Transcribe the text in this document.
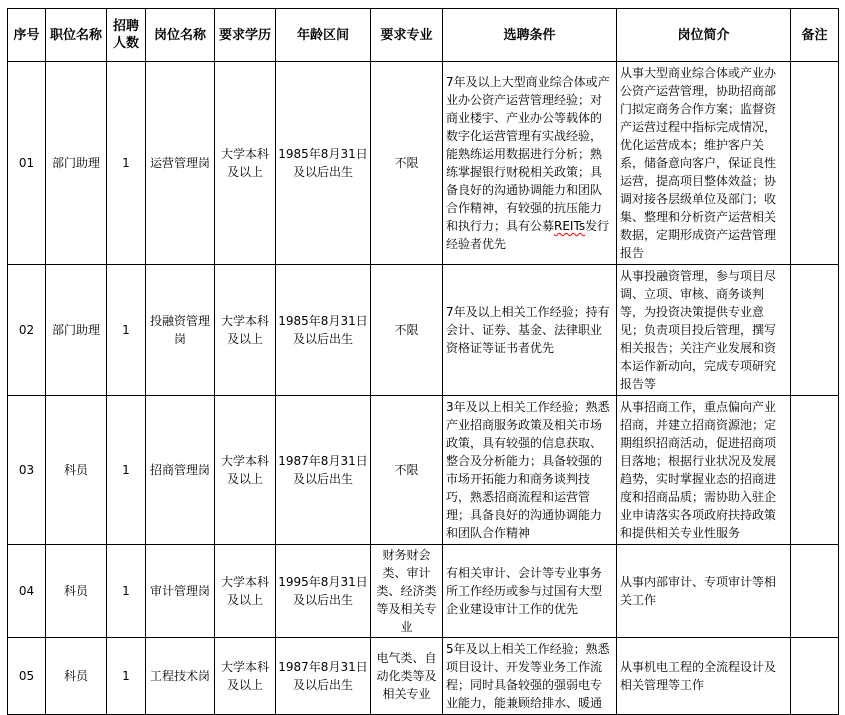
序号	职位名称	招聘人数	岗位名称	要求学历	年龄区间	要求专业	选聘条件	岗位简介	备注
01	部门助理	1	运营管理岗	大学本科及以上	1985年8月31日及以后出生	不限	7年及以上大型商业综合体或产业办公资产运营管理经验；对商业楼宇、产业办公等载体的数字化运营管理有实战经验，能熟练运用数据进行分析；熟练掌握银行财税相关政策；具备良好的沟通协调能力和团队合作精神，有较强的抗压能力和执行力；具有公募REITs发行经验者优先	从事大型商业综合体或产业办公资产运营管理，协助招商部门拟定商务合作方案；监督资产运营过程中指标完成情况，优化运营成本；维护客户关系，储备意向客户，保证良性运营，提高项目整体效益；协调对接各层级单位及部门；收集、整理和分析资产运营相关数据，定期形成资产运营管理报告	
02	部门助理	1	投融资管理岗	大学本科及以上	1985年8月31日及以后出生	不限	7年及以上相关工作经验；持有会计、证券、基金、法律职业资格证等证书者优先	从事投融资管理，参与项目尽调、立项、审核、商务谈判等，为投资决策提供专业意见；负责项目投后管理，撰写相关报告；关注产业发展和资本运作新动向，完成专项研究报告等	
03	科员	1	招商管理岗	大学本科及以上	1987年8月31日及以后出生	不限	3年及以上相关工作经验；熟悉产业招商服务政策及相关市场政策，具有较强的信息获取、整合及分析能力；具备较强的市场开拓能力和商务谈判技巧，熟悉招商流程和运营管理；具备良好的沟通协调能力和团队合作精神	从事招商工作，重点偏向产业招商，并建立招商资源池；定期组织招商活动，促进招商项目落地；根据行业状况及发展趋势，实时掌握业态的招商进度和招商品质；需协助入驻企业申请落实各项政府扶持政策和提供相关专业性服务	
04	科员	1	审计管理岗	大学本科及以上	1995年8月31日及以后出生	财务财会类、审计类、经济类等及相关专业	有相关审计、会计等专业事务所工作经历或参与过国有大型企业建设审计工作的优先	从事内部审计、专项审计等相关工作	
05	科员	1	工程技术岗	大学本科及以上	1987年8月31日及以后出生	电气类、自动化类等及相关专业	5年及以上相关工作经验；熟悉项目设计、开发等业务工作流程；同时具备较强的强弱电专业能力，能兼顾给排水、暖通	从事机电工程的全流程设计及相关管理等工作	
